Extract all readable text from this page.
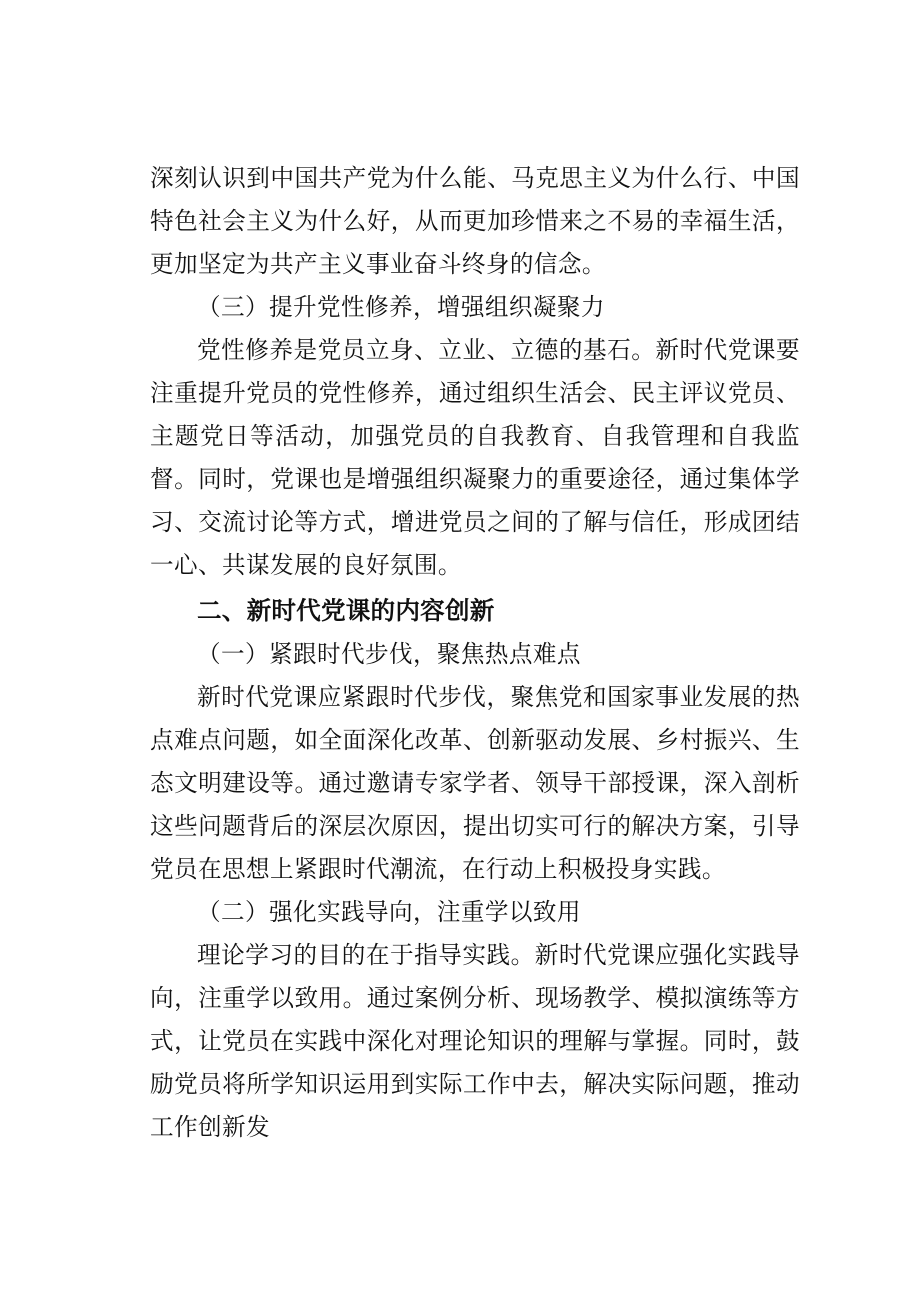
深刻认识到中国共产党为什么能、马克思主义为什么行、中国特色社会主义为什么好，从而更加珍惜来之不易的幸福生活，更加坚定为共产主义事业奋斗终身的信念。

（三）提升党性修养，增强组织凝聚力

党性修养是党员立身、立业、立德的基石。新时代党课要注重提升党员的党性修养，通过组织生活会、民主评议党员、主题党日等活动，加强党员的自我教育、自我管理和自我监督。同时，党课也是增强组织凝聚力的重要途径，通过集体学习、交流讨论等方式，增进党员之间的了解与信任，形成团结一心、共谋发展的良好氛围。

二、新时代党课的内容创新
（一）紧跟时代步伐，聚焦热点难点

新时代党课应紧跟时代步伐，聚焦党和国家事业发展的热点难点问题，如全面深化改革、创新驱动发展、乡村振兴、生态文明建设等。通过邀请专家学者、领导干部授课，深入剖析这些问题背后的深层次原因，提出切实可行的解决方案，引导党员在思想上紧跟时代潮流，在行动上积极投身实践。

（二）强化实践导向，注重学以致用

理论学习的目的在于指导实践。新时代党课应强化实践导向，注重学以致用。通过案例分析、现场教学、模拟演练等方式，让党员在实践中深化对理论知识的理解与掌握。同时，鼓励党员将所学知识运用到实际工作中去，解决实际问题，推动工作创新发
